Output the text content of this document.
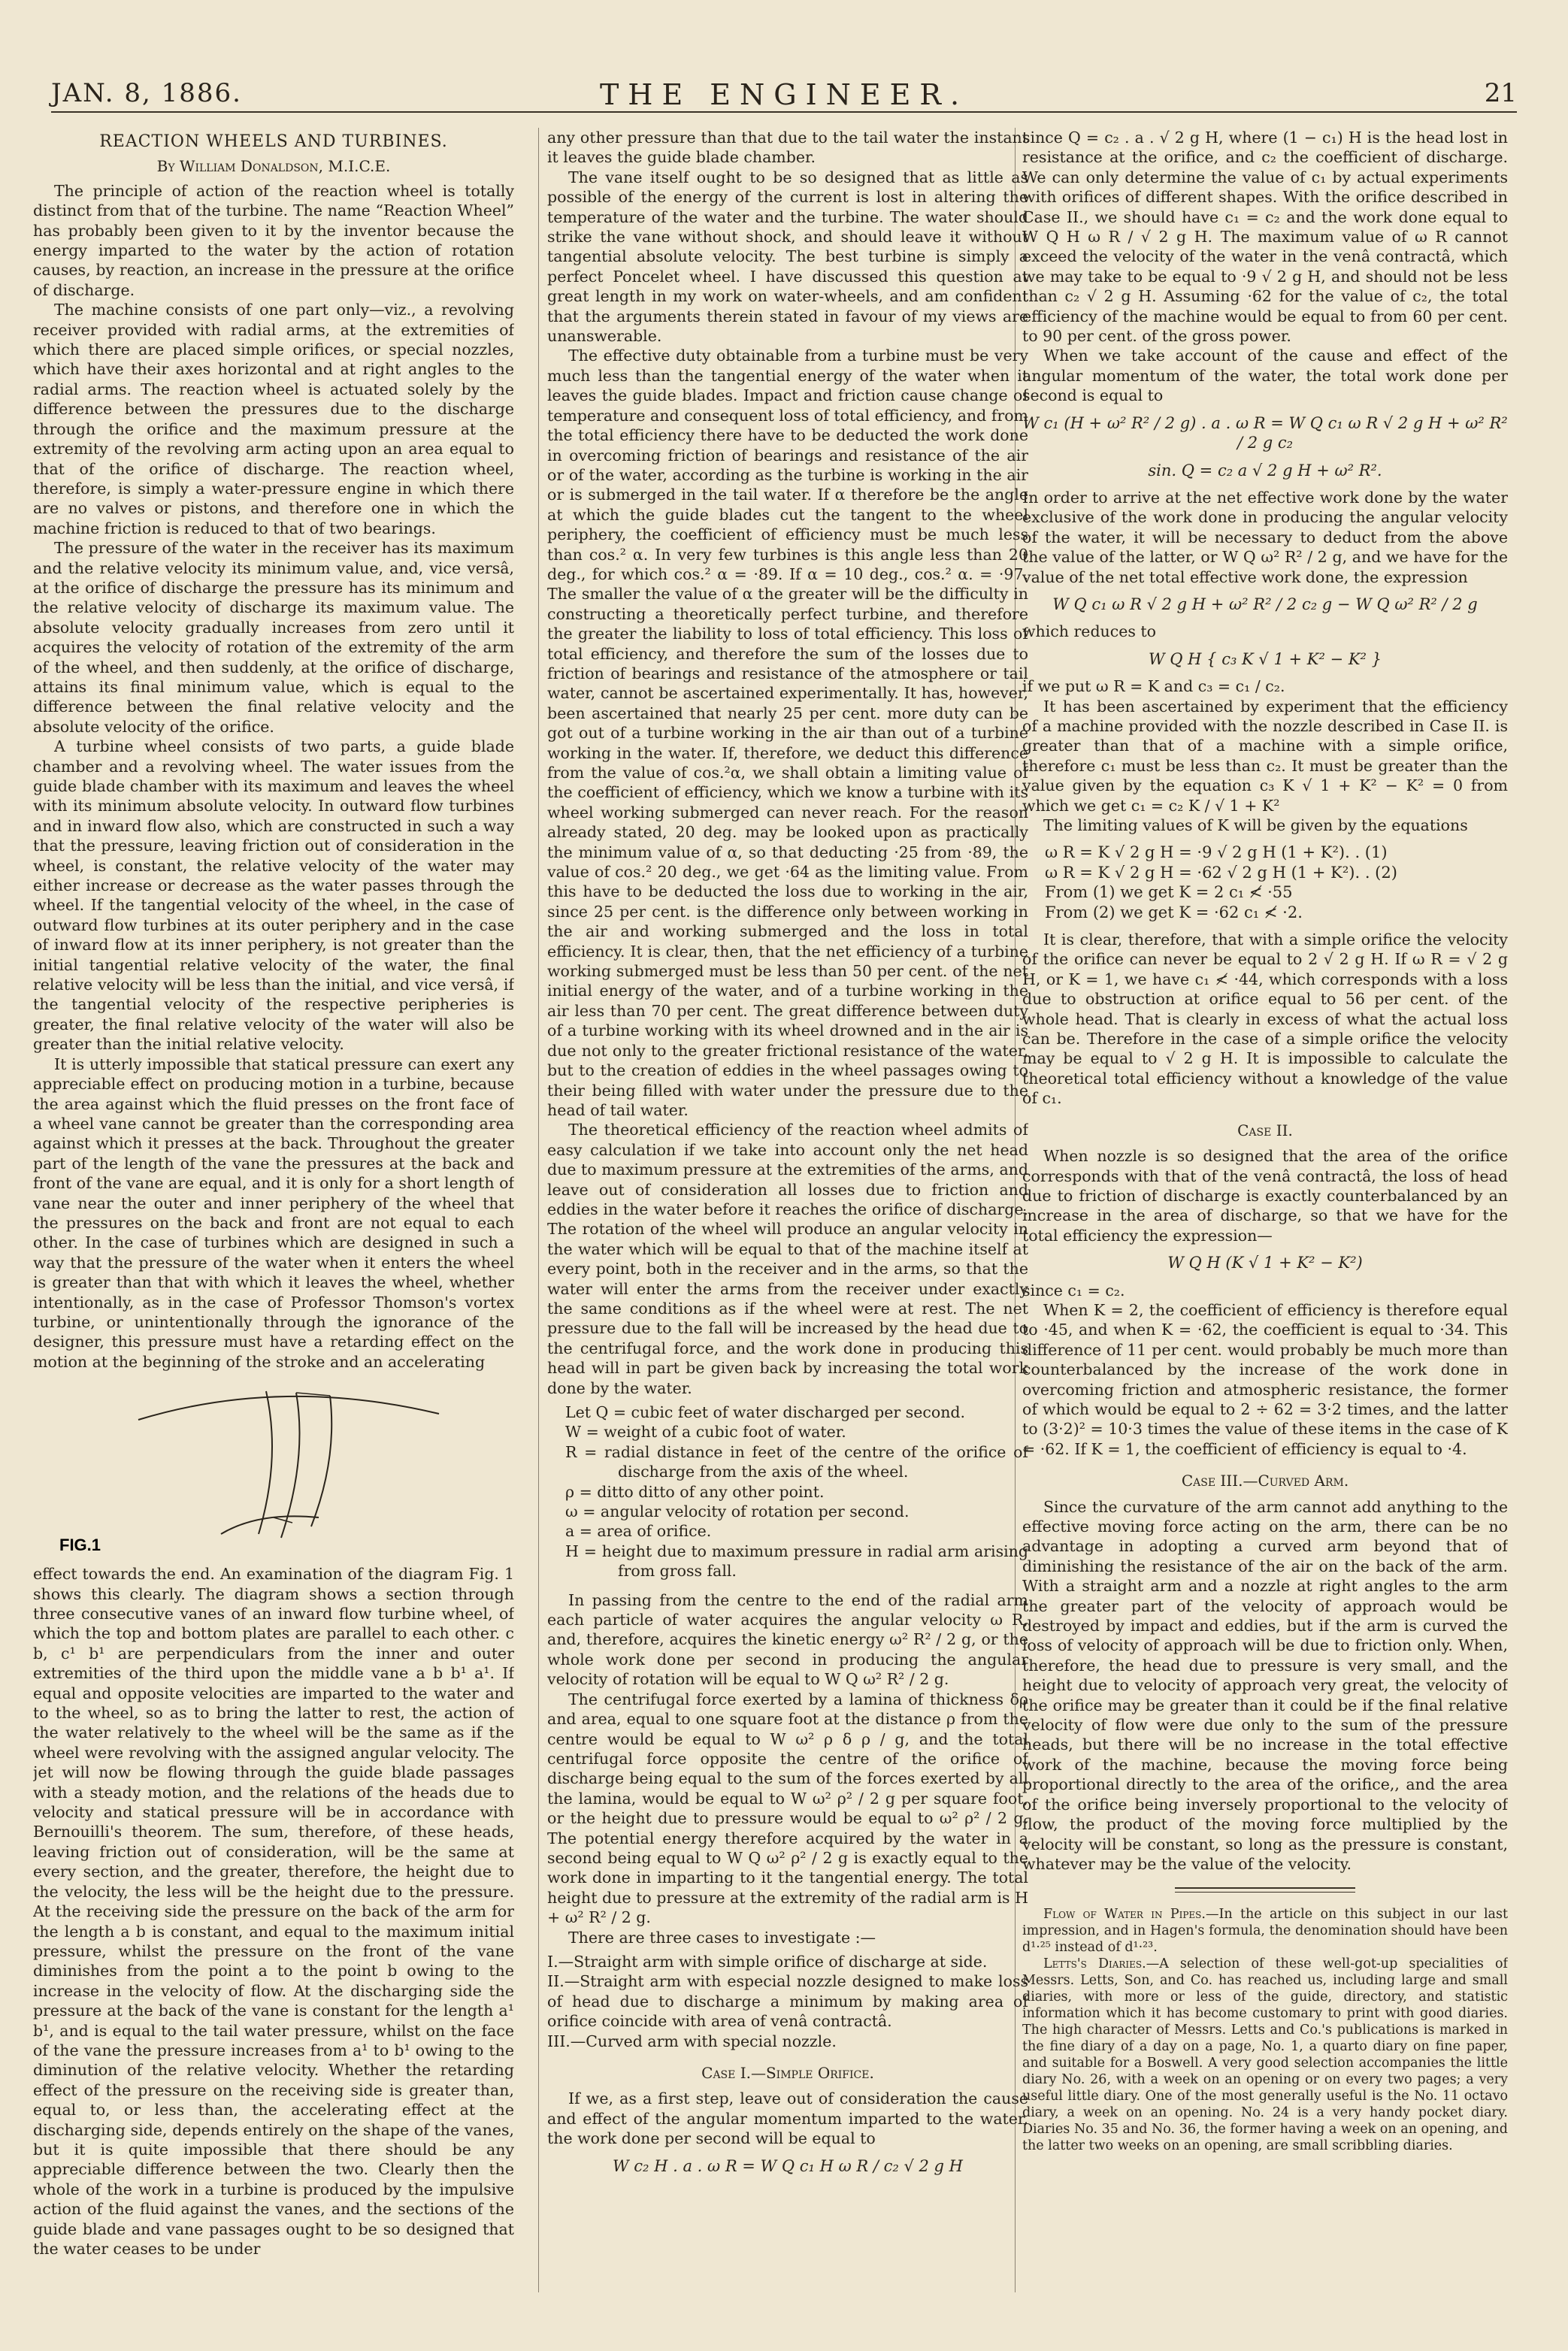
JAN. 8, 1886.	THE ENGINEER.	21
REACTION WHEELS AND TURBINES.
By William Donaldson, M.I.C.E.

The principle of action of the reaction wheel is totally distinct from that of the turbine. The name “Reaction Wheel” has probably been given to it by the inventor because the energy imparted to the water by the action of rotation causes, by reaction, an increase in the pressure at the orifice of discharge.

The machine consists of one part only—viz., a revolving receiver provided with radial arms, at the extremities of which there are placed simple orifices, or special nozzles, which have their axes horizontal and at right angles to the radial arms. The reaction wheel is actuated solely by the difference between the pressures due to the discharge through the orifice and the maximum pressure at the extremity of the revolving arm acting upon an area equal to that of the orifice of discharge. The reaction wheel, therefore, is simply a water-pressure engine in which there are no valves or pistons, and therefore one in which the machine friction is reduced to that of two bearings.

The pressure of the water in the receiver has its maximum and the relative velocity its minimum value, and, vice versâ, at the orifice of discharge the pressure has its minimum and the relative velocity of discharge its maximum value. The absolute velocity gradually increases from zero until it acquires the velocity of rotation of the extremity of the arm of the wheel, and then suddenly, at the orifice of discharge, attains its final minimum value, which is equal to the difference between the final relative velocity and the absolute velocity of the orifice.

A turbine wheel consists of two parts, a guide blade chamber and a revolving wheel. The water issues from the guide blade chamber with its maximum and leaves the wheel with its minimum absolute velocity. In outward flow turbines and in inward flow also, which are constructed in such a way that the pressure, leaving friction out of consideration in the wheel, is constant, the relative velocity of the water may either increase or decrease as the water passes through the wheel. If the tangential velocity of the wheel, in the case of outward flow turbines at its outer periphery and in the case of inward flow at its inner periphery, is not greater than the initial tangential relative velocity of the water, the final relative velocity will be less than the initial, and vice versâ, if the tangential velocity of the respective peripheries is greater, the final relative velocity of the water will also be greater than the initial relative velocity.

It is utterly impossible that statical pressure can exert any appreciable effect on producing motion in a turbine, because the area against which the fluid presses on the front face of a wheel vane cannot be greater than the corresponding area against which it presses at the back. Throughout the greater part of the length of the vane the pressures at the back and front of the vane are equal, and it is only for a short length of vane near the outer and inner periphery of the wheel that the pressures on the back and front are not equal to each other. In the case of turbines which are designed in such a way that the pressure of the water when it enters the wheel is greater than that with which it leaves the wheel, whether intentionally, as in the case of Professor Thomson's vortex turbine, or unintentionally through the ignorance of the designer, this pressure must have a retarding effect on the motion at the beginning of the stroke and an accelerating

FIG.1

effect towards the end. An examination of the diagram Fig. 1 shows this clearly. The diagram shows a section through three consecutive vanes of an inward flow turbine wheel, of which the top and bottom plates are parallel to each other. c b, c¹ b¹ are perpendiculars from the inner and outer extremities of the third upon the middle vane a b b¹ a¹. If equal and opposite velocities are imparted to the water and to the wheel, so as to bring the latter to rest, the action of the water relatively to the wheel will be the same as if the wheel were revolving with the assigned angular velocity. The jet will now be flowing through the guide blade passages with a steady motion, and the relations of the heads due to velocity and statical pressure will be in accordance with Bernouilli's theorem. The sum, therefore, of these heads, leaving friction out of consideration, will be the same at every section, and the greater, therefore, the height due to the velocity, the less will be the height due to the pressure. At the receiving side the pressure on the back of the arm for the length a b is constant, and equal to the maximum initial pressure, whilst the pressure on the front of the vane diminishes from the point a to the point b owing to the increase in the velocity of flow. At the discharging side the pressure at the back of the vane is constant for the length a¹ b¹, and is equal to the tail water pressure, whilst on the face of the vane the pressure increases from a¹ to b¹ owing to the diminution of the relative velocity. Whether the retarding effect of the pressure on the receiving side is greater than, equal to, or less than, the accelerating effect at the discharging side, depends entirely on the shape of the vanes, but it is quite impossible that there should be any appreciable difference between the two. Clearly then the whole of the work in a turbine is produced by the impulsive action of the fluid against the vanes, and the sections of the guide blade and vane passages ought to be so designed that the water ceases to be under

any other pressure than that due to the tail water the instant it leaves the guide blade chamber.

The vane itself ought to be so designed that as little as possible of the energy of the current is lost in altering the temperature of the water and the turbine. The water should strike the vane without shock, and should leave it without tangential absolute velocity. The best turbine is simply a perfect Poncelet wheel. I have discussed this question at great length in my work on water-wheels, and am confident that the arguments therein stated in favour of my views are unanswerable.

The effective duty obtainable from a turbine must be very much less than the tangential energy of the water when it leaves the guide blades. Impact and friction cause change of temperature and consequent loss of total efficiency, and from the total efficiency there have to be deducted the work done in overcoming friction of bearings and resistance of the air or of the water, according as the turbine is working in the air or is submerged in the tail water. If α therefore be the angle at which the guide blades cut the tangent to the wheel periphery, the coefficient of efficiency must be much less than cos.² α. In very few turbines is this angle less than 20 deg., for which cos.² α = ·89. If α = 10 deg., cos.² α. = ·97. The smaller the value of α the greater will be the difficulty in constructing a theoretically perfect turbine, and therefore the greater the liability to loss of total efficiency. This loss of total efficiency, and therefore the sum of the losses due to friction of bearings and resistance of the atmosphere or tail water, cannot be ascertained experimentally. It has, however, been ascertained that nearly 25 per cent. more duty can be got out of a turbine working in the air than out of a turbine working in the water. If, therefore, we deduct this difference from the value of cos.²α, we shall obtain a limiting value of the coefficient of efficiency, which we know a turbine with its wheel working submerged can never reach. For the reason already stated, 20 deg. may be looked upon as practically the minimum value of α, so that deducting ·25 from ·89, the value of cos.² 20 deg., we get ·64 as the limiting value. From this have to be deducted the loss due to working in the air, since 25 per cent. is the difference only between working in the air and working submerged and the loss in total efficiency. It is clear, then, that the net efficiency of a turbine working submerged must be less than 50 per cent. of the net initial energy of the water, and of a turbine working in the air less than 70 per cent. The great difference between duty of a turbine working with its wheel drowned and in the air is due not only to the greater frictional resistance of the water, but to the creation of eddies in the wheel passages owing to their being filled with water under the pressure due to the head of tail water.

The theoretical efficiency of the reaction wheel admits of easy calculation if we take into account only the net head due to maximum pressure at the extremities of the arms, and leave out of consideration all losses due to friction and eddies in the water before it reaches the orifice of discharge. The rotation of the wheel will produce an angular velocity in the water which will be equal to that of the machine itself at every point, both in the receiver and in the arms, so that the water will enter the arms from the receiver under exactly the same conditions as if the wheel were at rest. The net pressure due to the fall will be increased by the head due to the centrifugal force, and the work done in producing this head will in part be given back by increasing the total work done by the water.

Let Q = cubic feet of water discharged per second.
W = weight of a cubic foot of water.
R = radial distance in feet of the centre of the orifice of discharge from the axis of the wheel.
ρ = ditto ditto of any other point.
ω = angular velocity of rotation per second.
a = area of orifice.
H = height due to maximum pressure in radial arm arising from gross fall.

In passing from the centre to the end of the radial arm each particle of water acquires the angular velocity ω R, and, therefore, acquires the kinetic energy ω² R² / 2 g, or the whole work done per second in producing the angular velocity of rotation will be equal to W Q ω² R² / 2 g.

The centrifugal force exerted by a lamina of thickness δρ and area, equal to one square foot at the distance ρ from the centre would be equal to W ω² ρ δ ρ / g, and the total centrifugal force opposite the centre of the orifice of discharge being equal to the sum of the forces exerted by all the lamina, would be equal to W ω² ρ² / 2 g per square foot, or the height due to pressure would be equal to ω² ρ² / 2 g. The potential energy therefore acquired by the water in a second being equal to W Q ω² ρ² / 2 g is exactly equal to the work done in imparting to it the tangential energy. The total height due to pressure at the extremity of the radial arm is H + ω² R² / 2 g.

There are three cases to investigate :—

I.—Straight arm with simple orifice of discharge at side.
II.—Straight arm with especial nozzle designed to make loss of head due to discharge a minimum by making area of orifice coincide with area of venâ contractâ.
III.—Curved arm with special nozzle.
Case I.—Simple Orifice.

If we, as a first step, leave out of consideration the cause and effect of the angular momentum imparted to the water, the work done per second will be equal to

W c₂ H . a . ω R = W Q c₁ H ω R / c₂ √ 2 g H

since Q = c₂ . a . √ 2 g H, where (1 − c₁) H is the head lost in resistance at the orifice, and c₂ the coefficient of discharge. We can only determine the value of c₁ by actual experiments with orifices of different shapes. With the orifice described in Case II., we should have c₁ = c₂ and the work done equal to W Q H ω R / √ 2 g H. The maximum value of ω R cannot exceed the velocity of the water in the venâ contractâ, which we may take to be equal to ·9 √ 2 g H, and should not be less than c₂ √ 2 g H. Assuming ·62 for the value of c₂, the total efficiency of the machine would be equal to from 60 per cent. to 90 per cent. of the gross power.

When we take account of the cause and effect of the angular momentum of the water, the total work done per second is equal to

W c₁ (H + ω² R² / 2 g) . a . ω R = W Q c₁ ω R √ 2 g H + ω² R² / 2 g c₂
sin. Q = c₂ a √ 2 g H + ω² R².

In order to arrive at the net effective work done by the water exclusive of the work done in producing the angular velocity of the water, it will be necessary to deduct from the above the value of the latter, or W Q ω² R² / 2 g, and we have for the value of the net total effective work done, the expression

W Q c₁ ω R √ 2 g H + ω² R² / 2 c₂ g − W Q ω² R² / 2 g

which reduces to

W Q H { c₃ K √ 1 + K² − K² }

if we put ω R = K and c₃ = c₁ / c₂.

It has been ascertained by experiment that the efficiency of a machine provided with the nozzle described in Case II. is greater than that of a machine with a simple orifice, therefore c₁ must be less than c₂. It must be greater than the value given by the equation c₃ K √ 1 + K² − K² = 0 from which we get c₁ = c₂ K / √ 1 + K²

The limiting values of K will be given by the equations

ω R = K √ 2 g H = ·9 √ 2 g H (1 + K²). . (1)
ω R = K √ 2 g H = ·62 √ 2 g H (1 + K²). . (2)
From (1) we get K = 2 c₁ ≮ ·55
From (2) we get K = ·62 c₁ ≮ ·2.

It is clear, therefore, that with a simple orifice the velocity of the orifice can never be equal to 2 √ 2 g H. If ω R = √ 2 g H, or K = 1, we have c₁ ≮ ·44, which corresponds with a loss due to obstruction at orifice equal to 56 per cent. of the whole head. That is clearly in excess of what the actual loss can be. Therefore in the case of a simple orifice the velocity may be equal to √ 2 g H. It is impossible to calculate the theoretical total efficiency without a knowledge of the value of c₁.

Case II.

When nozzle is so designed that the area of the orifice corresponds with that of the venâ contractâ, the loss of head due to friction of discharge is exactly counterbalanced by an increase in the area of discharge, so that we have for the total efficiency the expression—

W Q H (K √ 1 + K² − K²)

since c₁ = c₂.

When K = 2, the coefficient of efficiency is therefore equal to ·45, and when K = ·62, the coefficient is equal to ·34. This difference of 11 per cent. would probably be much more than counterbalanced by the increase of the work done in overcoming friction and atmospheric resistance, the former of which would be equal to 2 ÷ 62 = 3·2 times, and the latter to (3·2)² = 10·3 times the value of these items in the case of K = ·62. If K = 1, the coefficient of efficiency is equal to ·4.

Case III.—Curved Arm.

Since the curvature of the arm cannot add anything to the effective moving force acting on the arm, there can be no advantage in adopting a curved arm beyond that of diminishing the resistance of the air on the back of the arm. With a straight arm and a nozzle at right angles to the arm the greater part of the velocity of approach would be destroyed by impact and eddies, but if the arm is curved the loss of velocity of approach will be due to friction only. When, therefore, the head due to pressure is very small, and the height due to velocity of approach very great, the velocity of the orifice may be greater than it could be if the final relative velocity of flow were due only to the sum of the pressure heads, but there will be no increase in the total effective work of the machine, because the moving force being proportional directly to the area of the orifice,, and the area of the orifice being inversely proportional to the velocity of flow, the product of the moving force multiplied by the velocity will be constant, so long as the pressure is constant, whatever may be the value of the velocity.

Flow of Water in Pipes.—In the article on this subject in our last impression, and in Hagen's formula, the denomination should have been d¹·²⁵ instead of d¹·²³.

Letts's Diaries.—A selection of these well-got-up specialities of Messrs. Letts, Son, and Co. has reached us, including large and small diaries, with more or less of the guide, directory, and statistic information which it has become customary to print with good diaries. The high character of Messrs. Letts and Co.'s publications is marked in the fine diary of a day on a page, No. 1, a quarto diary on fine paper, and suitable for a Boswell. A very good selection accompanies the little diary No. 26, with a week on an opening or on every two pages; a very useful little diary. One of the most generally useful is the No. 11 octavo diary, a week on an opening. No. 24 is a very handy pocket diary. Diaries No. 35 and No. 36, the former having a week on an opening, and the latter two weeks on an opening, are small scribbling diaries.
